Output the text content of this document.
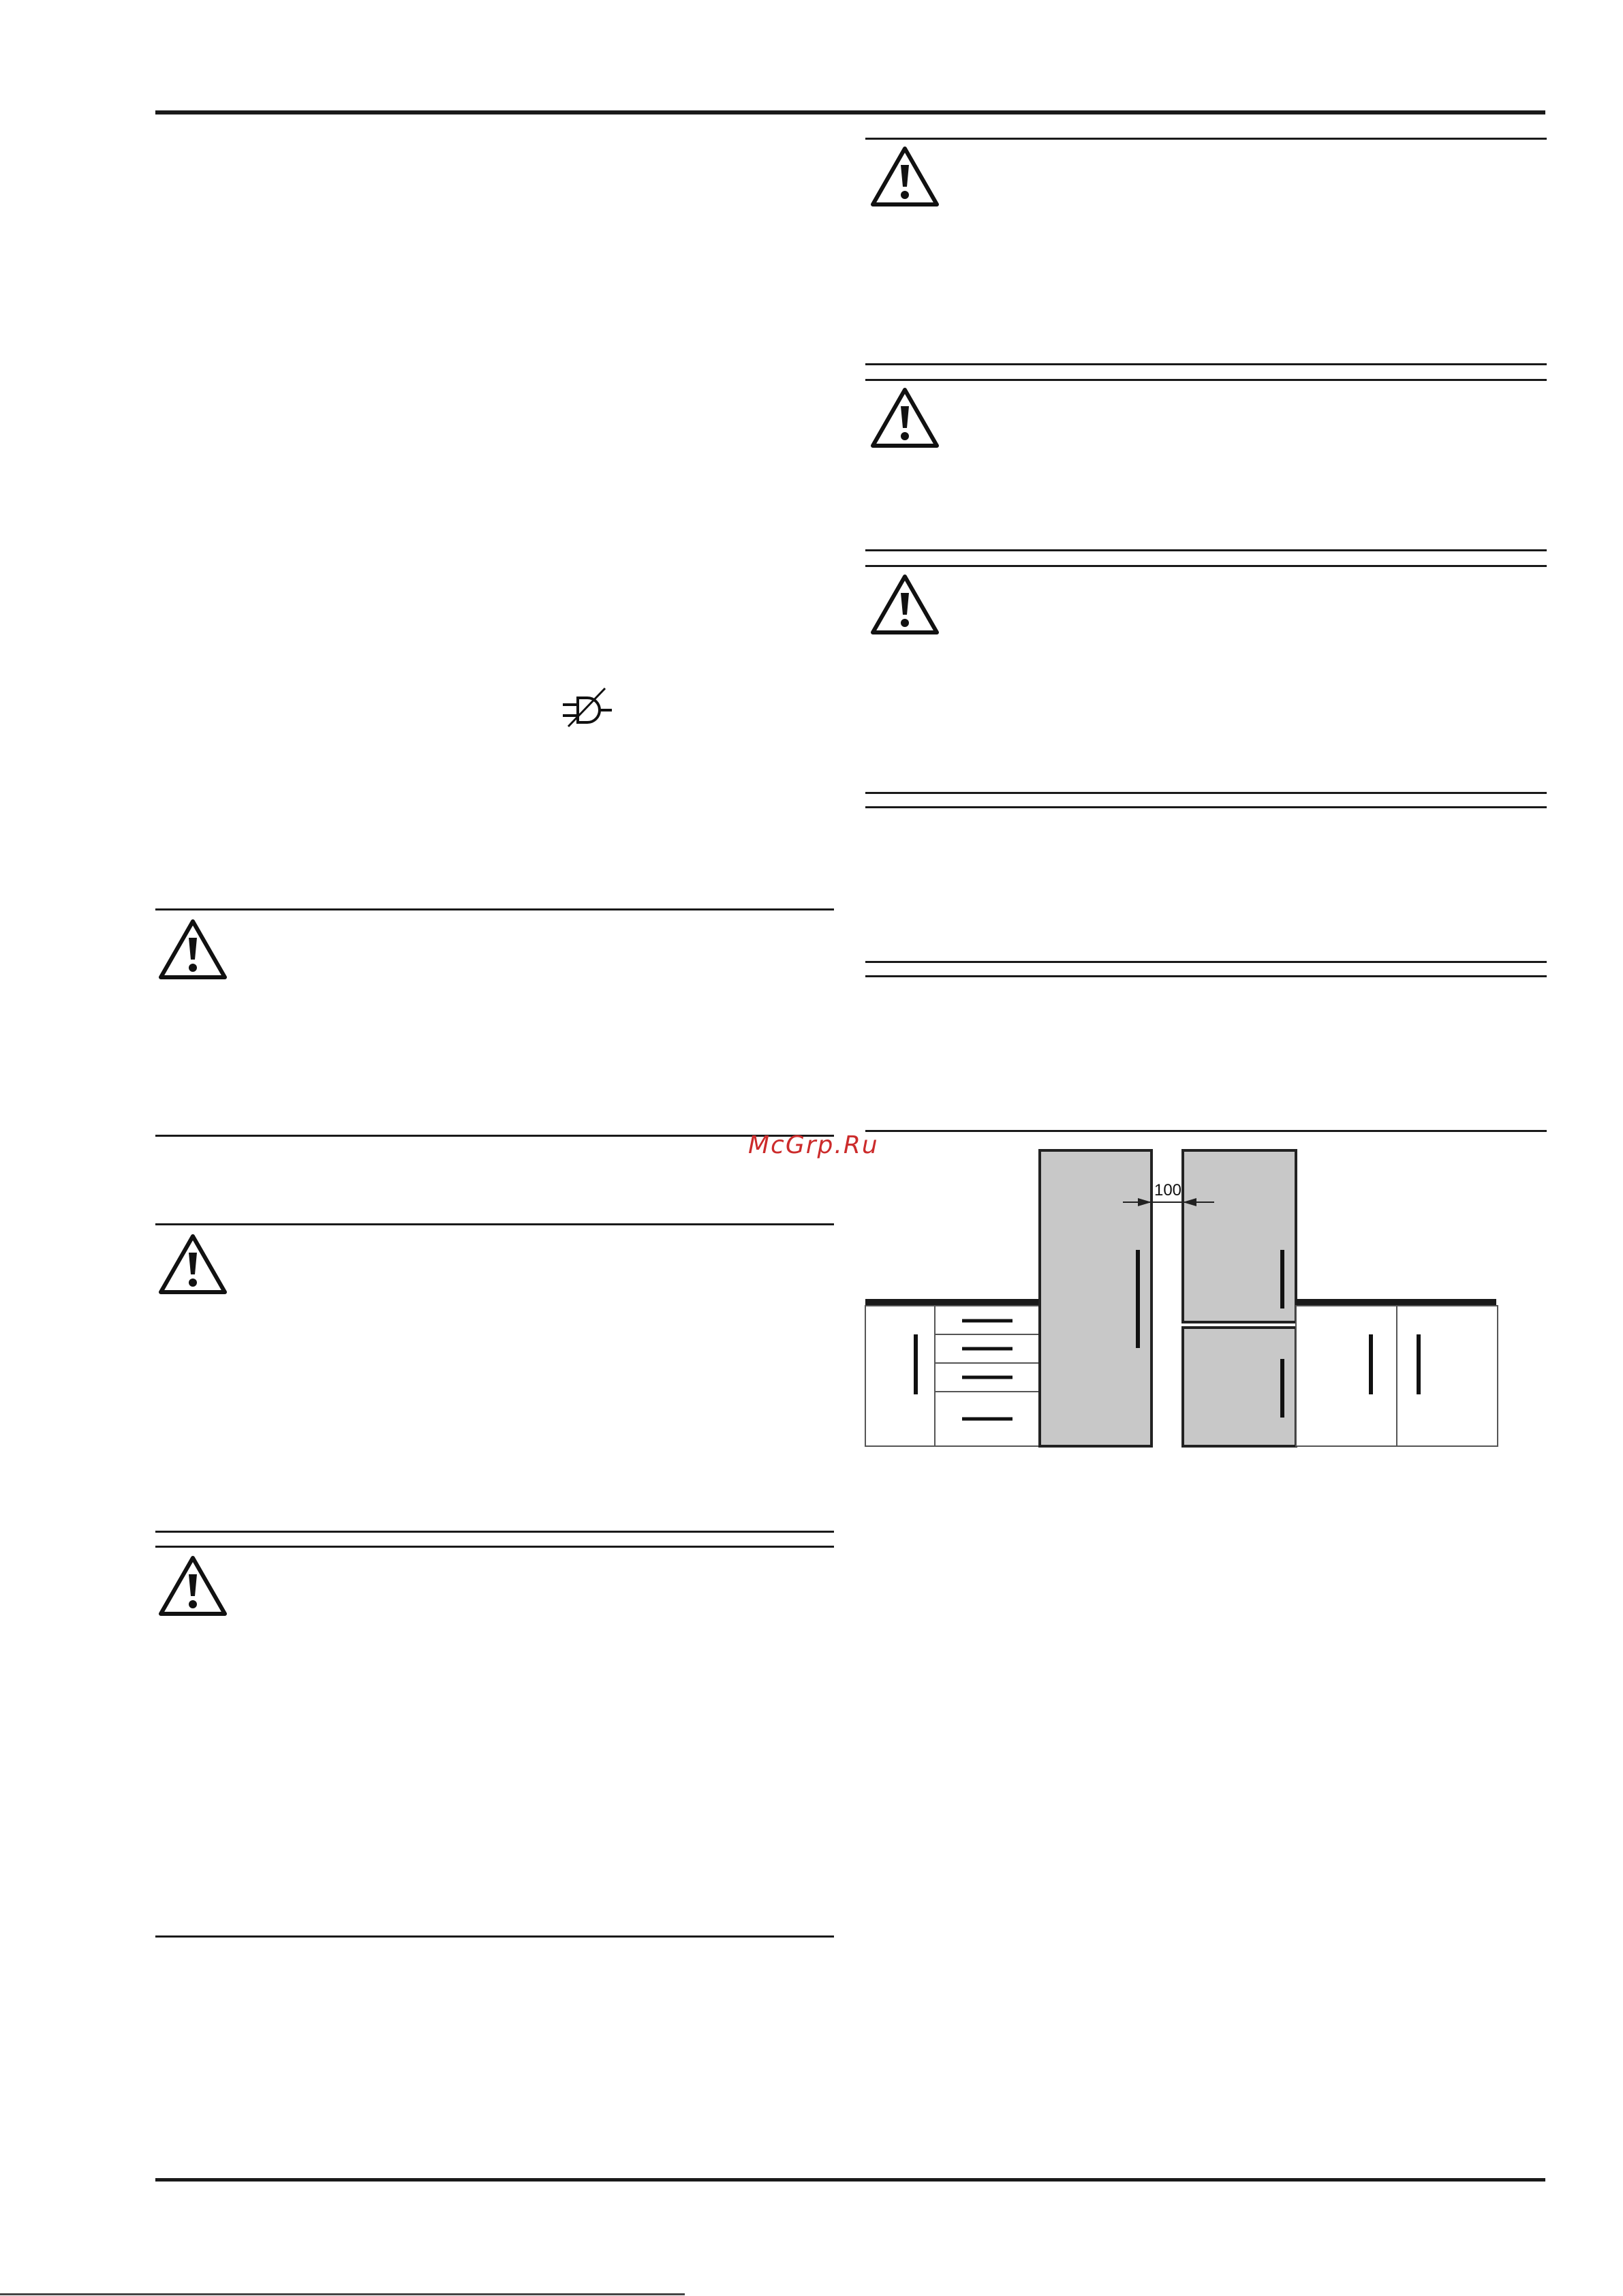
McGrp.Ru
100
